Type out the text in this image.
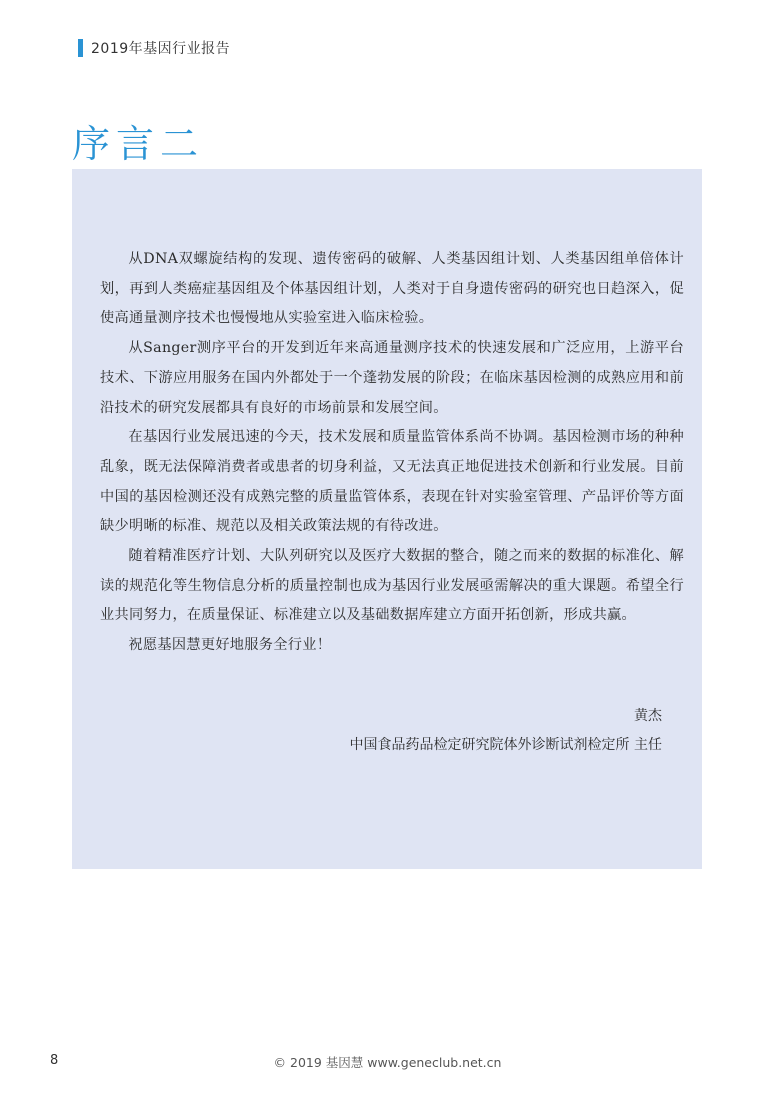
2019年基因行业报告
序言二

从DNA双螺旋结构的发现、遗传密码的破解、人类基因组计划、人类基因组单倍体计划，再到人类癌症基因组及个体基因组计划，人类对于自身遗传密码的研究也日趋深入，促使高通量测序技术也慢慢地从实验室进入临床检验。

从Sanger测序平台的开发到近年来高通量测序技术的快速发展和广泛应用，上游平台技术、下游应用服务在国内外都处于一个蓬勃发展的阶段；在临床基因检测的成熟应用和前沿技术的研究发展都具有良好的市场前景和发展空间。

在基因行业发展迅速的今天，技术发展和质量监管体系尚不协调。基因检测市场的种种乱象，既无法保障消费者或患者的切身利益，又无法真正地促进技术创新和行业发展。目前中国的基因检测还没有成熟完整的质量监管体系，表现在针对实验室管理、产品评价等方面缺少明晰的标准、规范以及相关政策法规的有待改进。

随着精准医疗计划、大队列研究以及医疗大数据的整合，随之而来的数据的标准化、解读的规范化等生物信息分析的质量控制也成为基因行业发展亟需解决的重大课题。希望全行业共同努力，在质量保证、标准建立以及基础数据库建立方面开拓创新，形成共赢。

祝愿基因慧更好地服务全行业！

黄杰
中国食品药品检定研究院体外诊断试剂检定所 主任
8	© 2019 基因慧 www.geneclub.net.cn
